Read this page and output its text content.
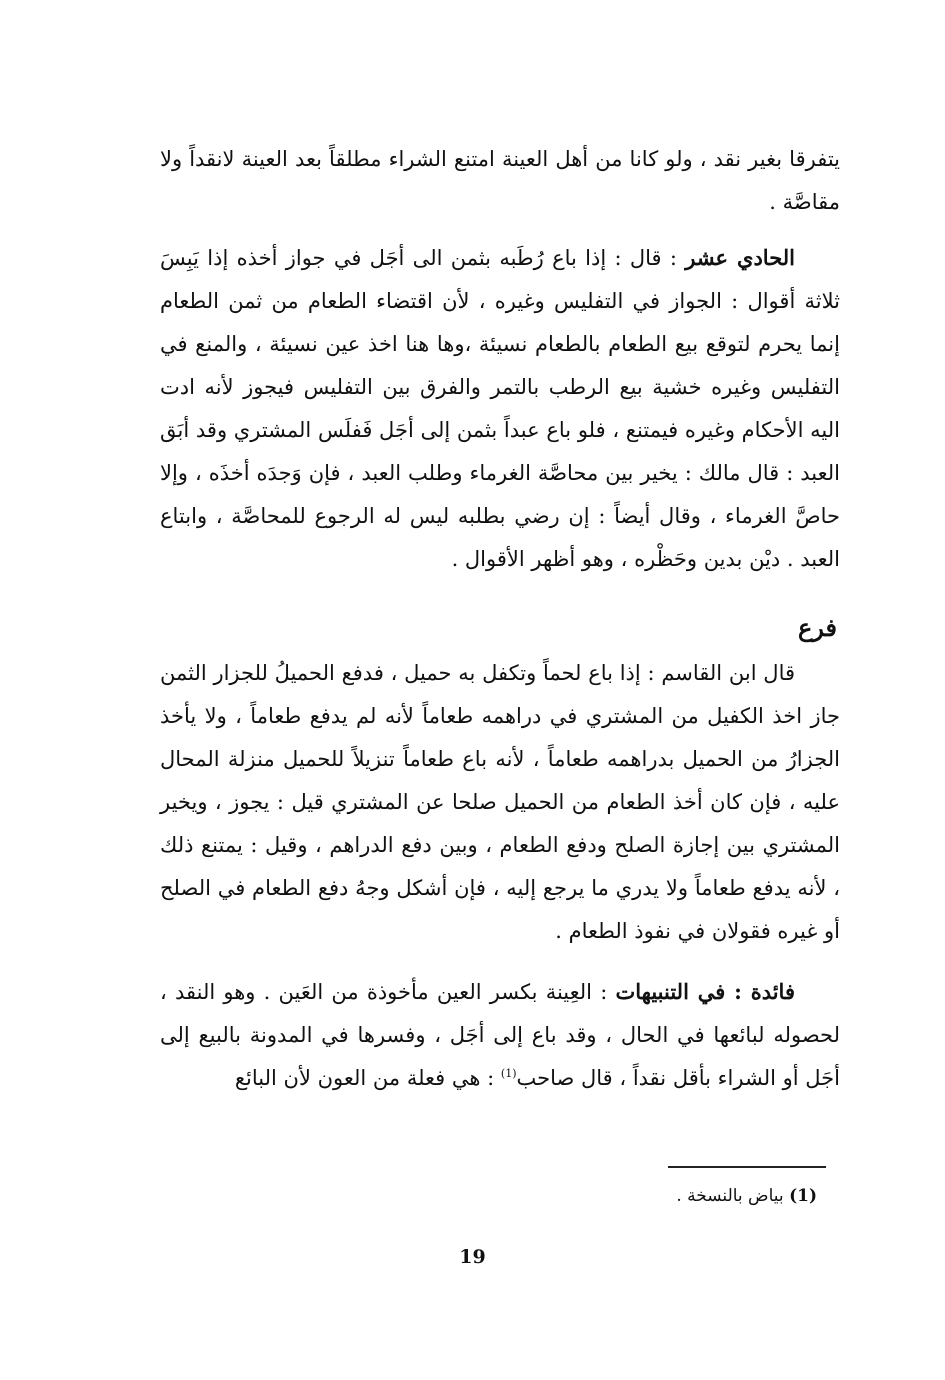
يتفرقا بغير نقد ، ولو كانا من أهل العينة امتنع الشراء مطلقاً بعد العينة لانقداً ولا مقاصَّة .

الحادي عشر : قال : إذا باع رُطَبه بثمن الى أجَل في جواز أخذه إذا يَبِسَ ثلاثة أقوال : الجواز في التفليس وغيره ، لأن اقتضاء الطعام من ثمن الطعام إنما يحرم لتوقع بيع الطعام بالطعام نسيئة ،وها هنا اخذ عين نسيئة ، والمنع في التفليس وغيره خشية بيع الرطب بالتمر والفرق بين التفليس فيجوز لأنه ادت اليه الأحكام وغيره فيمتنع ، فلو باع عبداً بثمن إلى أجَل فَفلَس المشتري وقد أبَق العبد : قال مالك : يخير بين محاصَّة الغرماء وطلب العبد ، فإن وَجدَه أخذَه ، وإلا حاصَّ الغرماء ، وقال أيضاً : إن رضي بطلبه ليس له الرجوع للمحاصَّة ، وابتاع العبد . ديْن بدين وحَظْره ، وهو أظهر الأقوال .

فرع

قال ابن القاسم : إذا باع لحماً وتكفل به حميل ، فدفع الحميلُ للجزار الثمن جاز اخذ الكفيل من المشتري في دراهمه طعاماً لأنه لم يدفع طعاماً ، ولا يأخذ الجزارُ من الحميل بدراهمه طعاماً ، لأنه باع طعاماً تنزيلاً للحميل منزلة المحال عليه ، فإن كان أخذ الطعام من الحميل صلحا عن المشتري قيل : يجوز ، ويخير المشتري بين إجازة الصلح ودفع الطعام ، وبين دفع الدراهم ، وقيل : يمتنع ذلك ، لأنه يدفع طعاماً ولا يدري ما يرجع إليه ، فإن أشكل وجهُ دفع الطعام في الصلح أو غيره فقولان في نفوذ الطعام .

فائدة : في التنبيهات : العِينة بكسر العين مأخوذة من العَين . وهو النقد ، لحصوله لبائعها في الحال ، وقد باع إلى أجَل ، وفسرها في المدونة بالبيع إلى أجَل أو الشراء بأقل نقداً ، قال صاحب$^{(1)}$ : هي فعلة من العون لأن البائع

(1) بياض بالنسخة .
19
